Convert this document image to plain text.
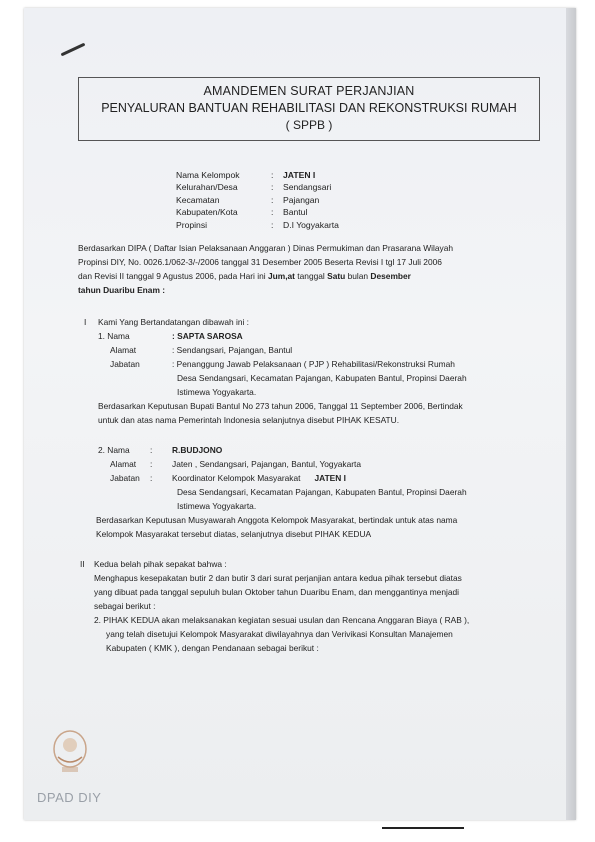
AMANDEMEN SURAT PERJANJIAN
PENYALURAN BANTUAN REHABILITASI DAN REKONSTRUKSI RUMAH
( SPPB )
Nama Kelompok	:	JATEN I
Kelurahan/Desa	:	Sendangsari
Kecamatan	:	Pajangan
Kabupaten/Kota	:	Bantul
Propinsi	:	D.I Yogyakarta
Berdasarkan DIPA ( Daftar Isian Pelaksanaan Anggaran ) Dinas Permukiman dan Prasarana Wilayah
Propinsi DIY, No. 0026.1/062-3/-/2006 tanggal 31 Desember 2005 Beserta Revisi I tgl 17 Juli 2006
dan Revisi II tanggal 9 Agustus 2006, pada Hari ini Jum,at tanggal Satu bulan Desember
tahun Duaribu Enam :
I Kami Yang Bertandatangan dibawah ini :
1. Nama	: SAPTA SAROSA
Alamat	: Sendangsari, Pajangan, Bantul
Jabatan	: Penanggung Jawab Pelaksanaan ( PJP ) Rehabilitasi/Rekonstruksi Rumah
Desa Sendangsari, Kecamatan Pajangan, Kabupaten Bantul, Propinsi Daerah
Istimewa Yogyakarta.
Berdasarkan Keputusan Bupati Bantul No 273 tahun 2006, Tanggal 11 September 2006, Bertindak
untuk dan atas nama Pemerintah Indonesia selanjutnya disebut PIHAK KESATU.
2. Nama : R.BUDJONO
Alamat : Jaten , Sendangsari, Pajangan, Bantul, Yogyakarta
Jabatan : Koordinator Kelompok Masyarakat JATEN I
Desa Sendangsari, Kecamatan Pajangan, Kabupaten Bantul, Propinsi Daerah
Istimewa Yogyakarta.
Berdasarkan Keputusan Musyawarah Anggota Kelompok Masyarakat, bertindak untuk atas nama
Kelompok Masyarakat tersebut diatas, selanjutnya disebut PIHAK KEDUA
II Kedua belah pihak sepakat bahwa :
Menghapus kesepakatan butir 2 dan butir 3 dari surat perjanjian antara kedua pihak tersebut diatas
yang dibuat pada tanggal sepuluh bulan Oktober tahun Duaribu Enam, dan menggantinya menjadi
sebagai berikut :
2. PIHAK KEDUA akan melaksanakan kegiatan sesuai usulan dan Rencana Anggaran Biaya ( RAB ),
yang telah disetujui Kelompok Masyarakat diwilayahnya dan Verivikasi Konsultan Manajemen
Kabupaten ( KMK ), dengan Pendanaan sebagai berikut :
DPAD DIY
